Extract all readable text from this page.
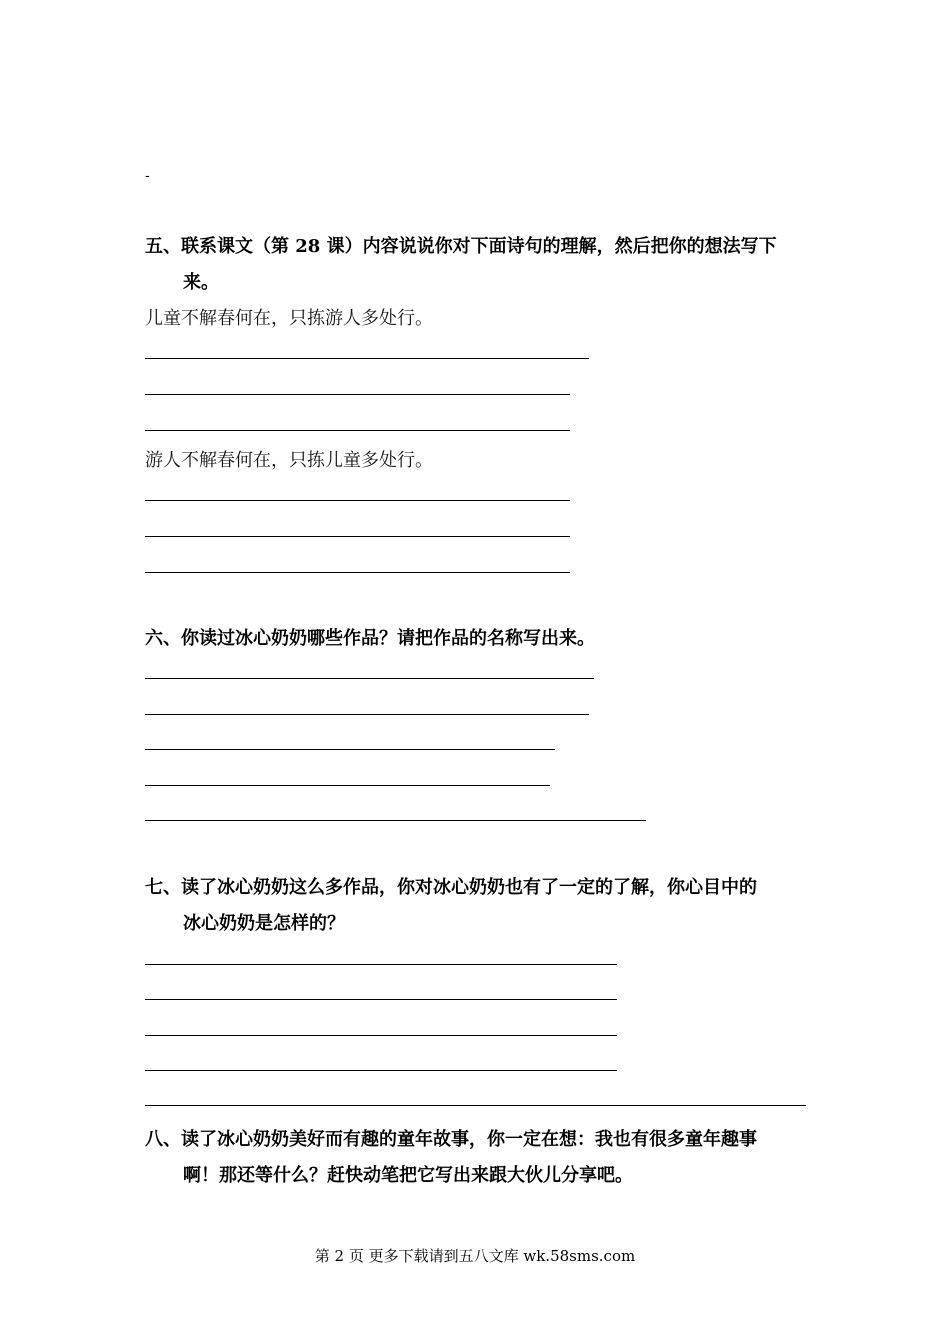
-
五、联系课文（第 28 课）内容说说你对下面诗句的理解，然后把你的想法写下
来。
儿童不解春何在，只拣游人多处行。
游人不解春何在，只拣儿童多处行。
六、你读过冰心奶奶哪些作品？请把作品的名称写出来。
七、读了冰心奶奶这么多作品，你对冰心奶奶也有了一定的了解，你心目中的
冰心奶奶是怎样的？
八、读了冰心奶奶美好而有趣的童年故事，你一定在想：我也有很多童年趣事
啊！那还等什么？赶快动笔把它写出来跟大伙儿分享吧。
第 2 页 更多下载请到五八文库 wk.58sms.com
